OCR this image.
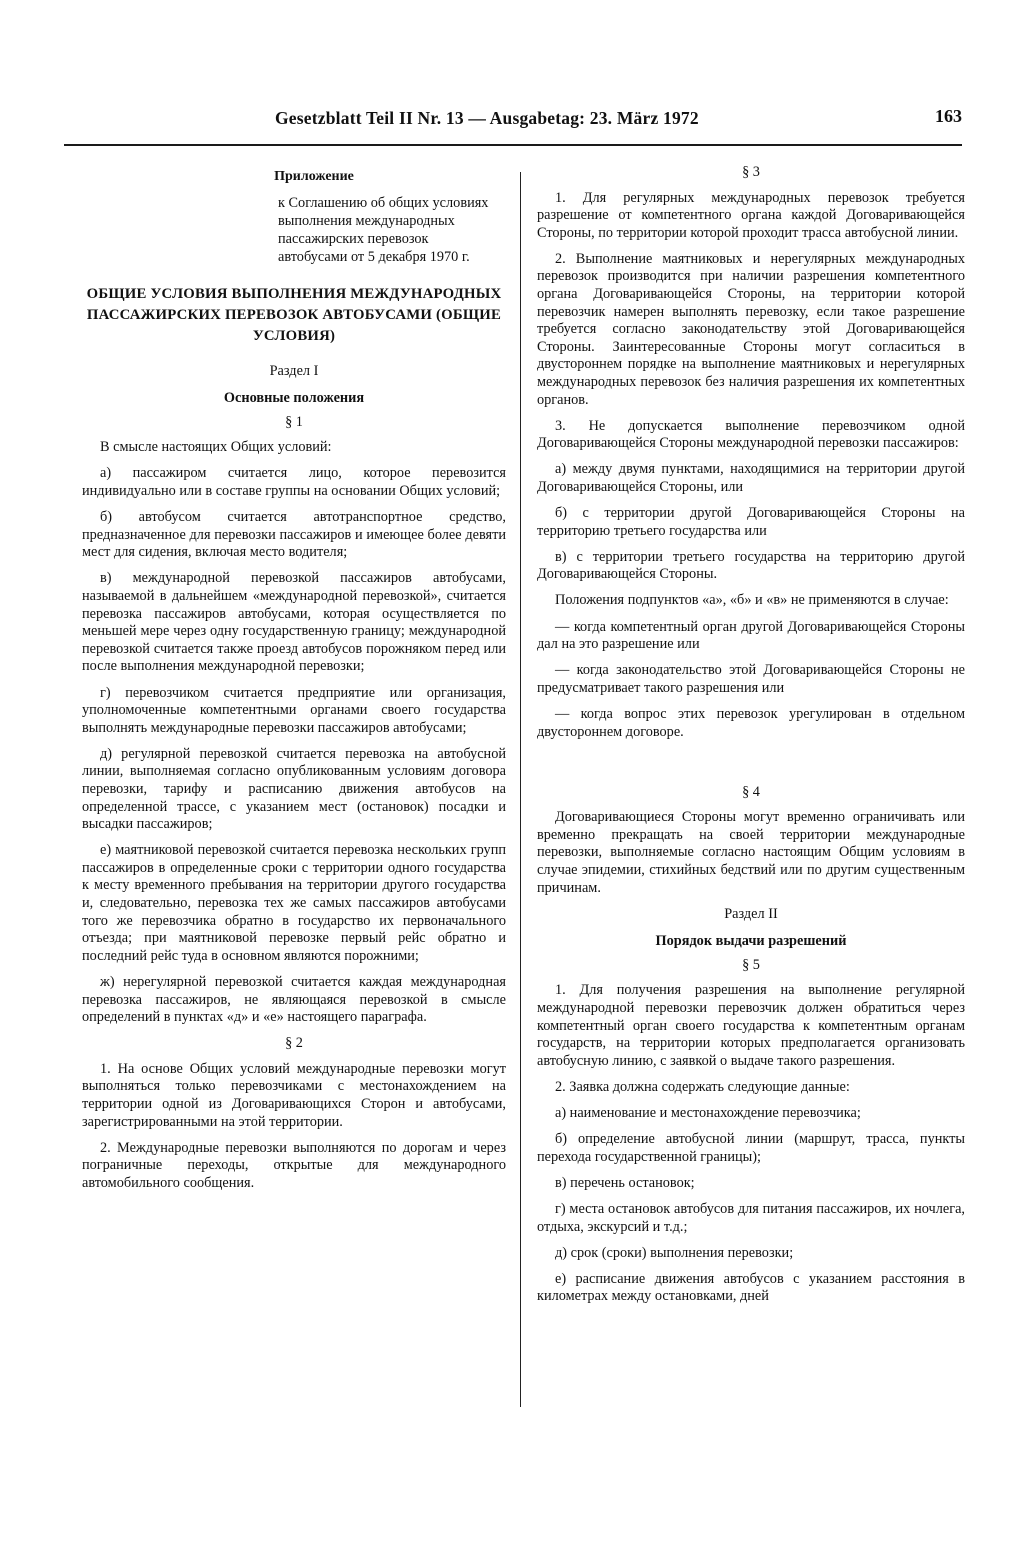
Gesetzblatt Teil II Nr. 13 — Ausgabetag: 23. März 1972	163
Приложение

к Соглашению об общих условиях выполнения международных пассажирских перевозок автобусами от 5 декабря 1970 г.

ОБЩИЕ УСЛОВИЯ ВЫПОЛНЕНИЯ МЕЖДУНАРОДНЫХ ПАССАЖИРСКИХ ПЕРЕВОЗОК АВТОБУСАМИ (ОБЩИЕ УСЛОВИЯ)
Раздел I
Основные положения
§ 1

В смысле настоящих Общих условий:

а) пассажиром считается лицо, которое перевозится индивидуально или в составе группы на основании Общих условий;

б) автобусом считается автотранспортное средство, предназначенное для перевозки пассажиров и имеющее более девяти мест для сидения, включая место водителя;

в) международной перевозкой пассажиров автобусами, называемой в дальнейшем «международной перевозкой», считается перевозка пассажиров автобусами, которая осуществляется по меньшей мере через одну государственную границу; международной перевозкой считается также проезд автобусов порожняком перед или после выполнения международной перевозки;

г) перевозчиком считается предприятие или организация, уполномоченные компетентными органами своего государства выполнять международные перевозки пассажиров автобусами;

д) регулярной перевозкой считается перевозка на автобусной линии, выполняемая согласно опубликованным условиям договора перевозки, тарифу и расписанию движения автобусов на определенной трассе, с указанием мест (остановок) посадки и высадки пассажиров;

е) маятниковой перевозкой считается перевозка нескольких групп пассажиров в определенные сроки с территории одного государства к месту временного пребывания на территории другого государства и, следовательно, перевозка тех же самых пассажиров автобусами того же перевозчика обратно в государство их первоначального отъезда; при маятниковой перевозке первый рейс обратно и последний рейс туда в основном являются порожними;

ж) нерегулярной перевозкой считается каждая международная перевозка пассажиров, не являющаяся перевозкой в смысле определений в пунктах «д» и «е» настоящего параграфа.

§ 2

1. На основе Общих условий международные перевозки могут выполняться только перевозчиками с местонахождением на территории одной из Договаривающихся Сторон и автобусами, зарегистрированными на этой территории.

2. Международные перевозки выполняются по дорогам и через пограничные переходы, открытые для международного автомобильного сообщения.

§ 3

1. Для регулярных международных перевозок требуется разрешение от компетентного органа каждой Договаривающейся Стороны, по территории которой проходит трасса автобусной линии.

2. Выполнение маятниковых и нерегулярных международных перевозок производится при наличии разрешения компетентного органа Договаривающейся Стороны, на территории которой перевозчик намерен выполнять перевозку, если такое разрешение требуется согласно законодательству этой Договаривающейся Стороны. Заинтересованные Стороны могут согласиться в двустороннем порядке на выполнение маятниковых и нерегулярных международных перевозок без наличия разрешения их компетентных органов.

3. Не допускается выполнение перевозчиком одной Договаривающейся Стороны международной перевозки пассажиров:

а) между двумя пунктами, находящимися на территории другой Договаривающейся Стороны, или

б) с территории другой Договаривающейся Стороны на территорию третьего государства или

в) с территории третьего государства на территорию другой Договаривающейся Стороны.

Положения подпунктов «а», «б» и «в» не применяются в случае:

— когда компетентный орган другой Договаривающейся Стороны дал на это разрешение или

— когда законодательство этой Договаривающейся Стороны не предусматривает такого разрешения или

— когда вопрос этих перевозок урегулирован в отдельном двустороннем договоре.

§ 4

Договаривающиеся Стороны могут временно ограничивать или временно прекращать на своей территории международные перевозки, выполняемые согласно настоящим Общим условиям в случае эпидемии, стихийных бедствий или по другим существенным причинам.

Раздел II
Порядок выдачи разрешений
§ 5

1. Для получения разрешения на выполнение регулярной международной перевозки перевозчик должен обратиться через компетентный орган своего государства к компетентным органам государств, на территории которых предполагается организовать автобусную линию, с заявкой о выдаче такого разрешения.

2. Заявка должна содержать следующие данные:

а) наименование и местонахождение перевозчика;

б) определение автобусной линии (маршрут, трасса, пункты перехода государственной границы);

в) перечень остановок;

г) места остановок автобусов для питания пассажиров, их ночлега, отдыха, экскурсий и т.д.;

д) срок (сроки) выполнения перевозки;

е) расписание движения автобусов с указанием расстояния в километрах между остановками, дней
